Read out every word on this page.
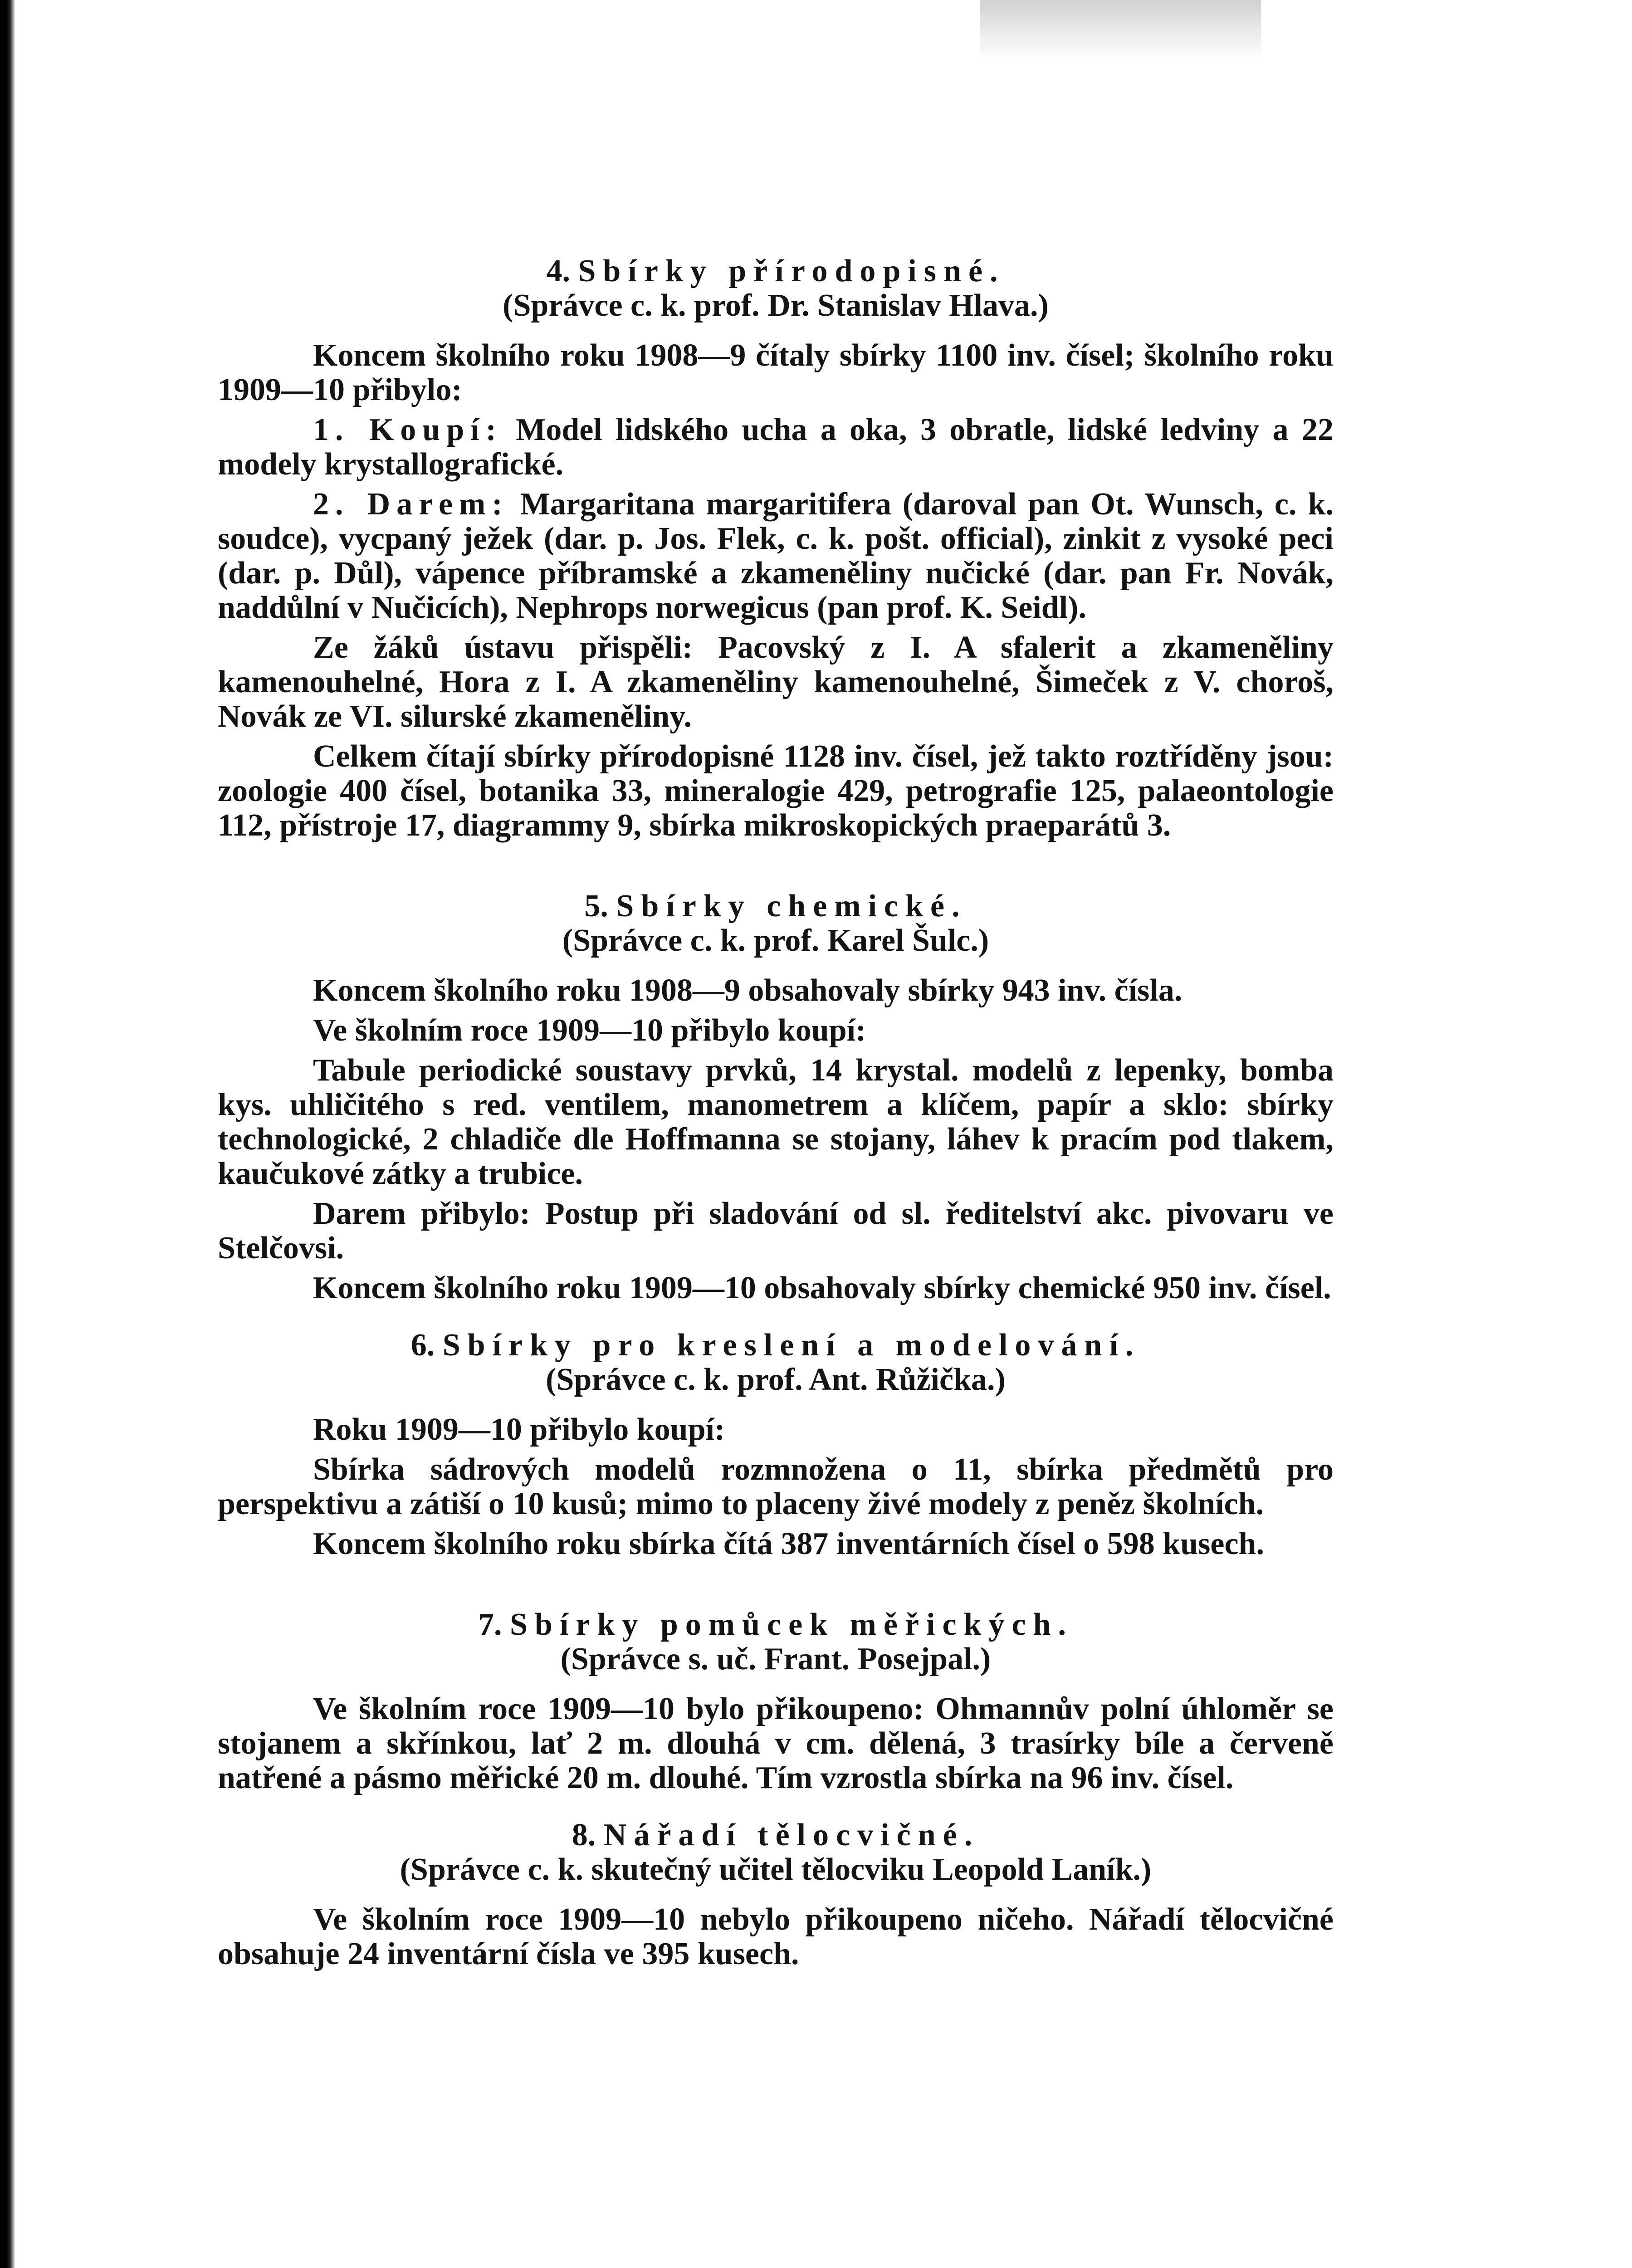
4. Sbírky přírodopisné.

(Správce c. k. prof. Dr. Stanislav Hlava.)

Koncem školního roku 1908—9 čítaly sbírky 1100 inv. čísel; školního roku 1909—10 přibylo:

1. Koupí: Model lidského ucha a oka, 3 obratle, lidské ledviny a 22 modely krystallografické.

2. Darem: Margaritana margaritifera (daroval pan Ot. Wunsch, c. k. soudce), vycpaný ježek (dar. p. Jos. Flek, c. k. pošt. official), zinkit z vysoké peci (dar. p. Důl), vápence příbramské a zkameněliny nučické (dar. pan Fr. Novák, naddůlní v Nučicích), Nephrops norwegicus (pan prof. K. Seidl).

Ze žáků ústavu přispěli: Pacovský z I. A sfalerit a zkameněliny kamenouhelné, Hora z I. A zkameněliny kamenouhelné, Šimeček z V. choroš, Novák ze VI. silurské zkameněliny.

Celkem čítají sbírky přírodopisné 1128 inv. čísel, jež takto roztříděny jsou: zoologie 400 čísel, botanika 33, mineralogie 429, petrografie 125, palaeontologie 112, přístroje 17, diagrammy 9, sbírka mikroskopických praeparátů 3.

5. Sbírky chemické.

(Správce c. k. prof. Karel Šulc.)

Koncem školního roku 1908—9 obsahovaly sbírky 943 inv. čísla.

Ve školním roce 1909—10 přibylo koupí:

Tabule periodické soustavy prvků, 14 krystal. modelů z lepenky, bomba kys. uhličitého s red. ventilem, manometrem a klíčem, papír a sklo: sbírky technologické, 2 chladiče dle Hoffmanna se stojany, láhev k pracím pod tlakem, kaučukové zátky a trubice.

Darem přibylo: Postup při sladování od sl. ředitelství akc. pivovaru ve Stelčovsi.

Koncem školního roku 1909—10 obsahovaly sbírky chemické 950 inv. čísel.

6. Sbírky pro kreslení a modelování.

(Správce c. k. prof. Ant. Růžička.)

Roku 1909—10 přibylo koupí:

Sbírka sádrových modelů rozmnožena o 11, sbírka předmětů pro perspektivu a zátiší o 10 kusů; mimo to placeny živé modely z peněz školních.

Koncem školního roku sbírka čítá 387 inventárních čísel o 598 kusech.

7. Sbírky pomůcek měřických.

(Správce s. uč. Frant. Posejpal.)

Ve školním roce 1909—10 bylo přikoupeno: Ohmannův polní úhloměr se stojanem a skřínkou, lať 2 m. dlouhá v cm. dělená, 3 trasírky bíle a červeně natřené a pásmo měřické 20 m. dlouhé. Tím vzrostla sbírka na 96 inv. čísel.

8. Nářadí tělocvičné.

(Správce c. k. skutečný učitel tělocviku Leopold Laník.)

Ve školním roce 1909—10 nebylo přikoupeno ničeho. Nářadí tělocvičné obsahuje 24 inventární čísla ve 395 kusech.
